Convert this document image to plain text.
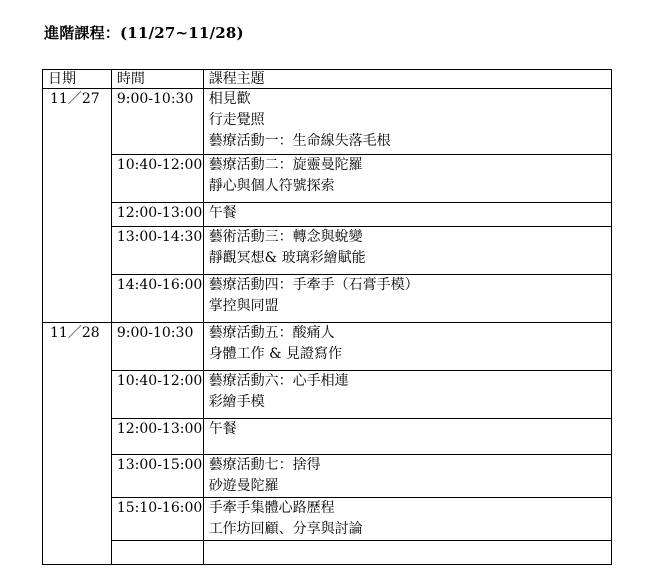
進階課程：(11/27~11/28)
日期	時間	課程主題
11／27	9:00-10:30	相見歡
行走覺照
藝療活動一：生命線失落毛根

	10:40-12:00	藝療活動二：旋靈曼陀羅
靜心與個人符號探索

	12:00-13:00	午餐

	13:00-14:30	藝術活動三：轉念與蛻變
靜觀冥想& 玻璃彩繪賦能

	14:40-16:00	藝療活動四：手牽手（石膏手模）
掌控與同盟

11／28	9:00-10:30	藝療活動五：酸痛人
身體工作 & 見證寫作

	10:40-12:00	藝療活動六：心手相連
彩繪手模

	12:00-13:00	午餐

	13:00-15:00	藝療活動七：捨得
砂遊曼陀羅

	15:10-16:00	手牽手集體心路歷程
工作坊回顧、分享與討論
